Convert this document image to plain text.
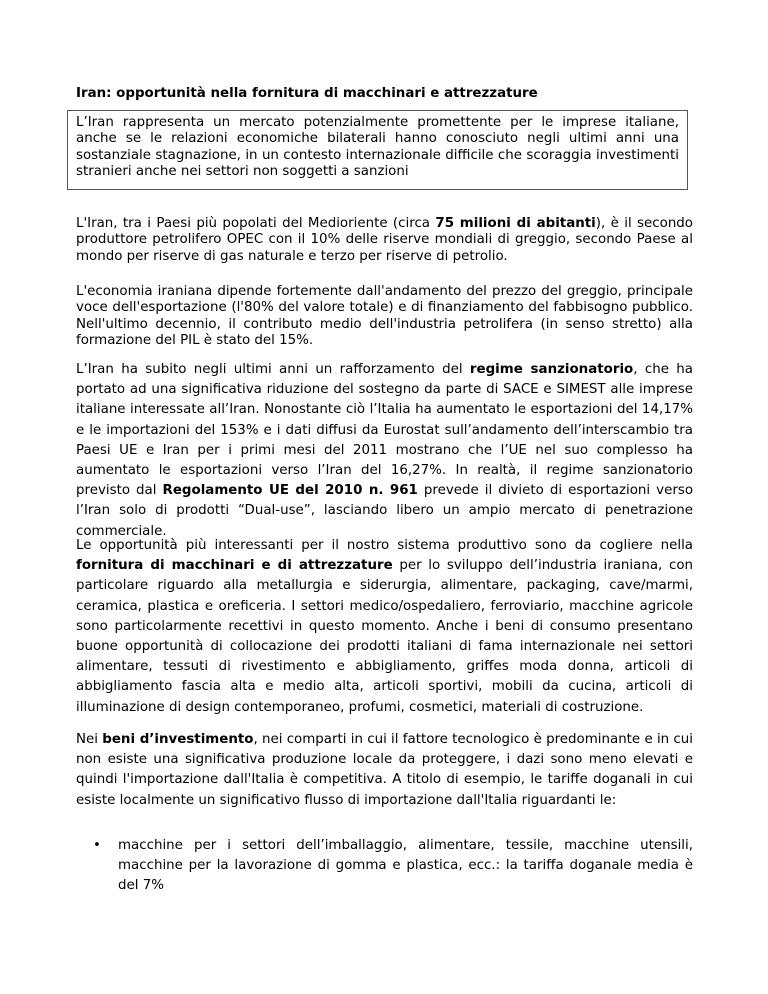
Iran: opportunità nella fornitura di macchinari e attrezzature
L’Iran rappresenta un mercato potenzialmente promettente per le imprese italiane, anche se le relazioni economiche bilaterali hanno conosciuto negli ultimi anni una sostanziale stagnazione, in un contesto internazionale difficile che scoraggia investimenti stranieri anche nei settori non soggetti a sanzioni

L'Iran, tra i Paesi più popolati del Medioriente (circa 75 milioni di abitanti), è il secondo produttore petrolifero OPEC con il 10% delle riserve mondiali di greggio, secondo Paese al mondo per riserve di gas naturale e terzo per riserve di petrolio.

L'economia iraniana dipende fortemente dall'andamento del prezzo del greggio, principale voce dell'esportazione (l'80% del valore totale) e di finanziamento del fabbisogno pubblico. Nell'ultimo decennio, il contributo medio dell'industria petrolifera (in senso stretto) alla formazione del PIL è stato del 15%.

L’Iran ha subito negli ultimi anni un rafforzamento del regime sanzionatorio, che ha portato ad una significativa riduzione del sostegno da parte di SACE e SIMEST alle imprese italiane interessate all’Iran. Nonostante ciò l’Italia ha aumentato le esportazioni del 14,17% e le importazioni del 153% e i dati diffusi da Eurostat sull’andamento dell’interscambio tra Paesi UE e Iran per i primi mesi del 2011 mostrano che l’UE nel suo complesso ha aumentato le esportazioni verso l’Iran del 16,27%. In realtà, il regime sanzionatorio previsto dal Regolamento UE del 2010 n. 961 prevede il divieto di esportazioni verso l’Iran solo di prodotti “Dual-use”, lasciando libero un ampio mercato di penetrazione commerciale.

Le opportunità più interessanti per il nostro sistema produttivo sono da cogliere nella fornitura di macchinari e di attrezzature per lo sviluppo dell’industria iraniana, con particolare riguardo alla metallurgia e siderurgia, alimentare, packaging, cave/marmi, ceramica, plastica e oreficeria. I settori medico/ospedaliero, ferroviario, macchine agricole sono particolarmente recettivi in questo momento. Anche i beni di consumo presentano buone opportunità di collocazione dei prodotti italiani di fama internazionale nei settori alimentare, tessuti di rivestimento e abbigliamento, griffes moda donna, articoli di abbigliamento fascia alta e medio alta, articoli sportivi, mobili da cucina, articoli di illuminazione di design contemporaneo, profumi, cosmetici, materiali di costruzione.

Nei beni d’investimento, nei comparti in cui il fattore tecnologico è predominante e in cui non esiste una significativa produzione locale da proteggere, i dazi sono meno elevati e quindi l'importazione dall'Italia è competitiva. A titolo di esempio, le tariffe doganali in cui esiste localmente un significativo flusso di importazione dall'Italia riguardanti le:

• macchine per i settori dell’imballaggio, alimentare, tessile, macchine utensili, macchine per la lavorazione di gomma e plastica, ecc.: la tariffa doganale media è del 7%
